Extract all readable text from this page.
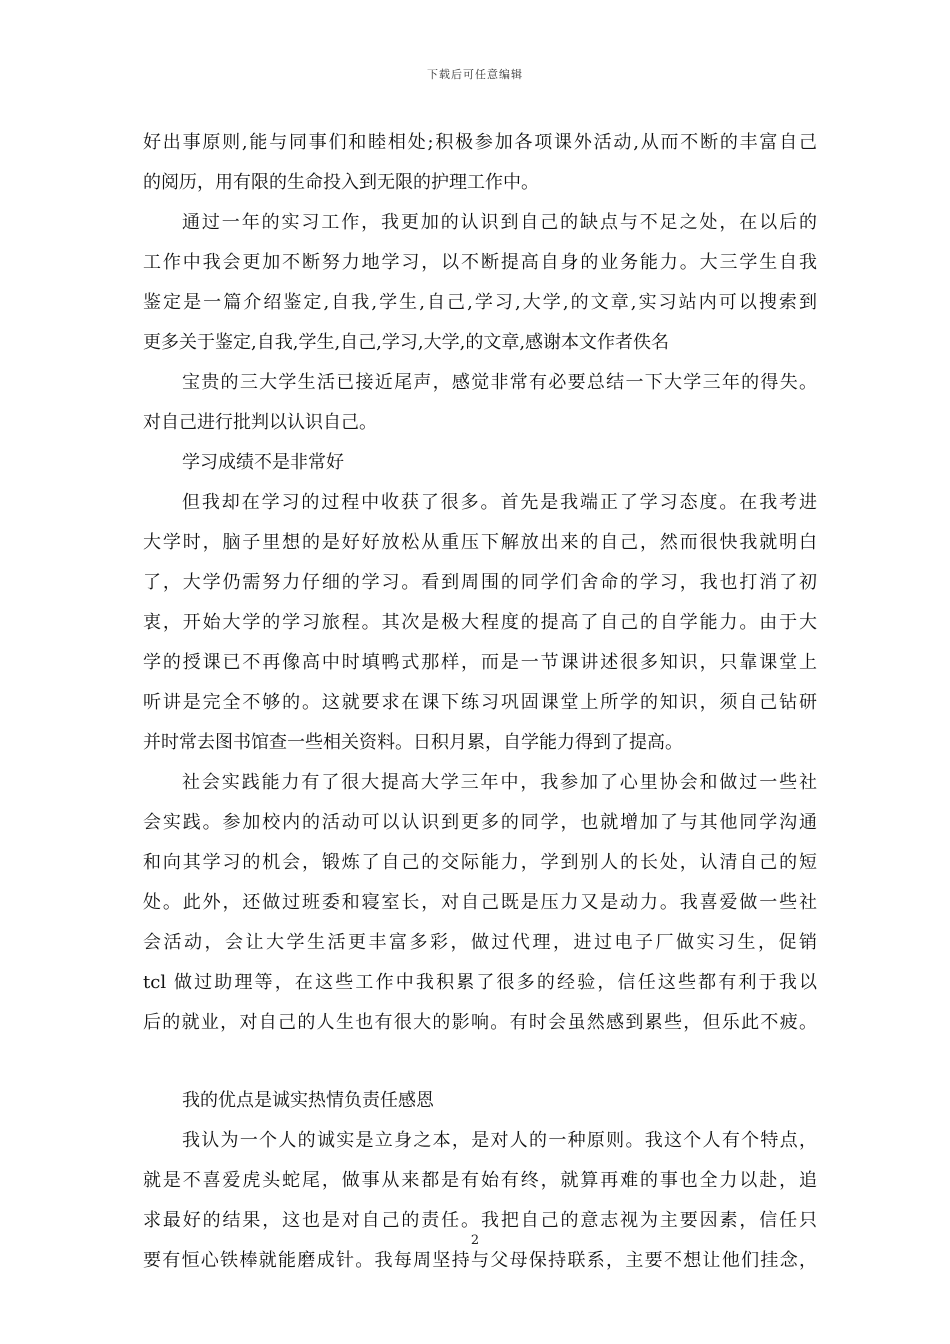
下载后可任意编辑
好出事原则,能与同事们和睦相处;积极参加各项课外活动,从而不断的丰富自己
的阅历，用有限的生命投入到无限的护理工作中。
通过一年的实习工作，我更加的认识到自己的缺点与不足之处，在以后的
工作中我会更加不断努力地学习，以不断提高自身的业务能力。大三学生自我
鉴定是一篇介绍鉴定,自我,学生,自己,学习,大学,的文章,实习站内可以搜索到
更多关于鉴定,自我,学生,自己,学习,大学,的文章,感谢本文作者佚名
宝贵的三大学生活已接近尾声，感觉非常有必要总结一下大学三年的得失。
对自己进行批判以认识自己。
学习成绩不是非常好
但我却在学习的过程中收获了很多。首先是我端正了学习态度。在我考进
大学时，脑子里想的是好好放松从重压下解放出来的自己，然而很快我就明白
了，大学仍需努力仔细的学习。看到周围的同学们舍命的学习，我也打消了初
衷，开始大学的学习旅程。其次是极大程度的提高了自己的自学能力。由于大
学的授课已不再像高中时填鸭式那样，而是一节课讲述很多知识，只靠课堂上
听讲是完全不够的。这就要求在课下练习巩固课堂上所学的知识，须自己钻研
并时常去图书馆查一些相关资料。日积月累，自学能力得到了提高。
社会实践能力有了很大提高大学三年中，我参加了心里协会和做过一些社
会实践。参加校内的活动可以认识到更多的同学，也就增加了与其他同学沟通
和向其学习的机会，锻炼了自己的交际能力，学到别人的长处，认清自己的短
处。此外，还做过班委和寝室长，对自己既是压力又是动力。我喜爱做一些社
会活动，会让大学生活更丰富多彩，做过代理，进过电子厂做实习生，促销
tcl 做过助理等，在这些工作中我积累了很多的经验，信任这些都有利于我以
后的就业，对自己的人生也有很大的影响。有时会虽然感到累些，但乐此不疲。
我的优点是诚实热情负责任感恩
我认为一个人的诚实是立身之本，是对人的一种原则。我这个人有个特点，
就是不喜爱虎头蛇尾，做事从来都是有始有终，就算再难的事也全力以赴，追
求最好的结果，这也是对自己的责任。我把自己的意志视为主要因素，信任只
要有恒心铁棒就能磨成针。我每周坚持与父母保持联系，主要不想让他们挂念，
2
